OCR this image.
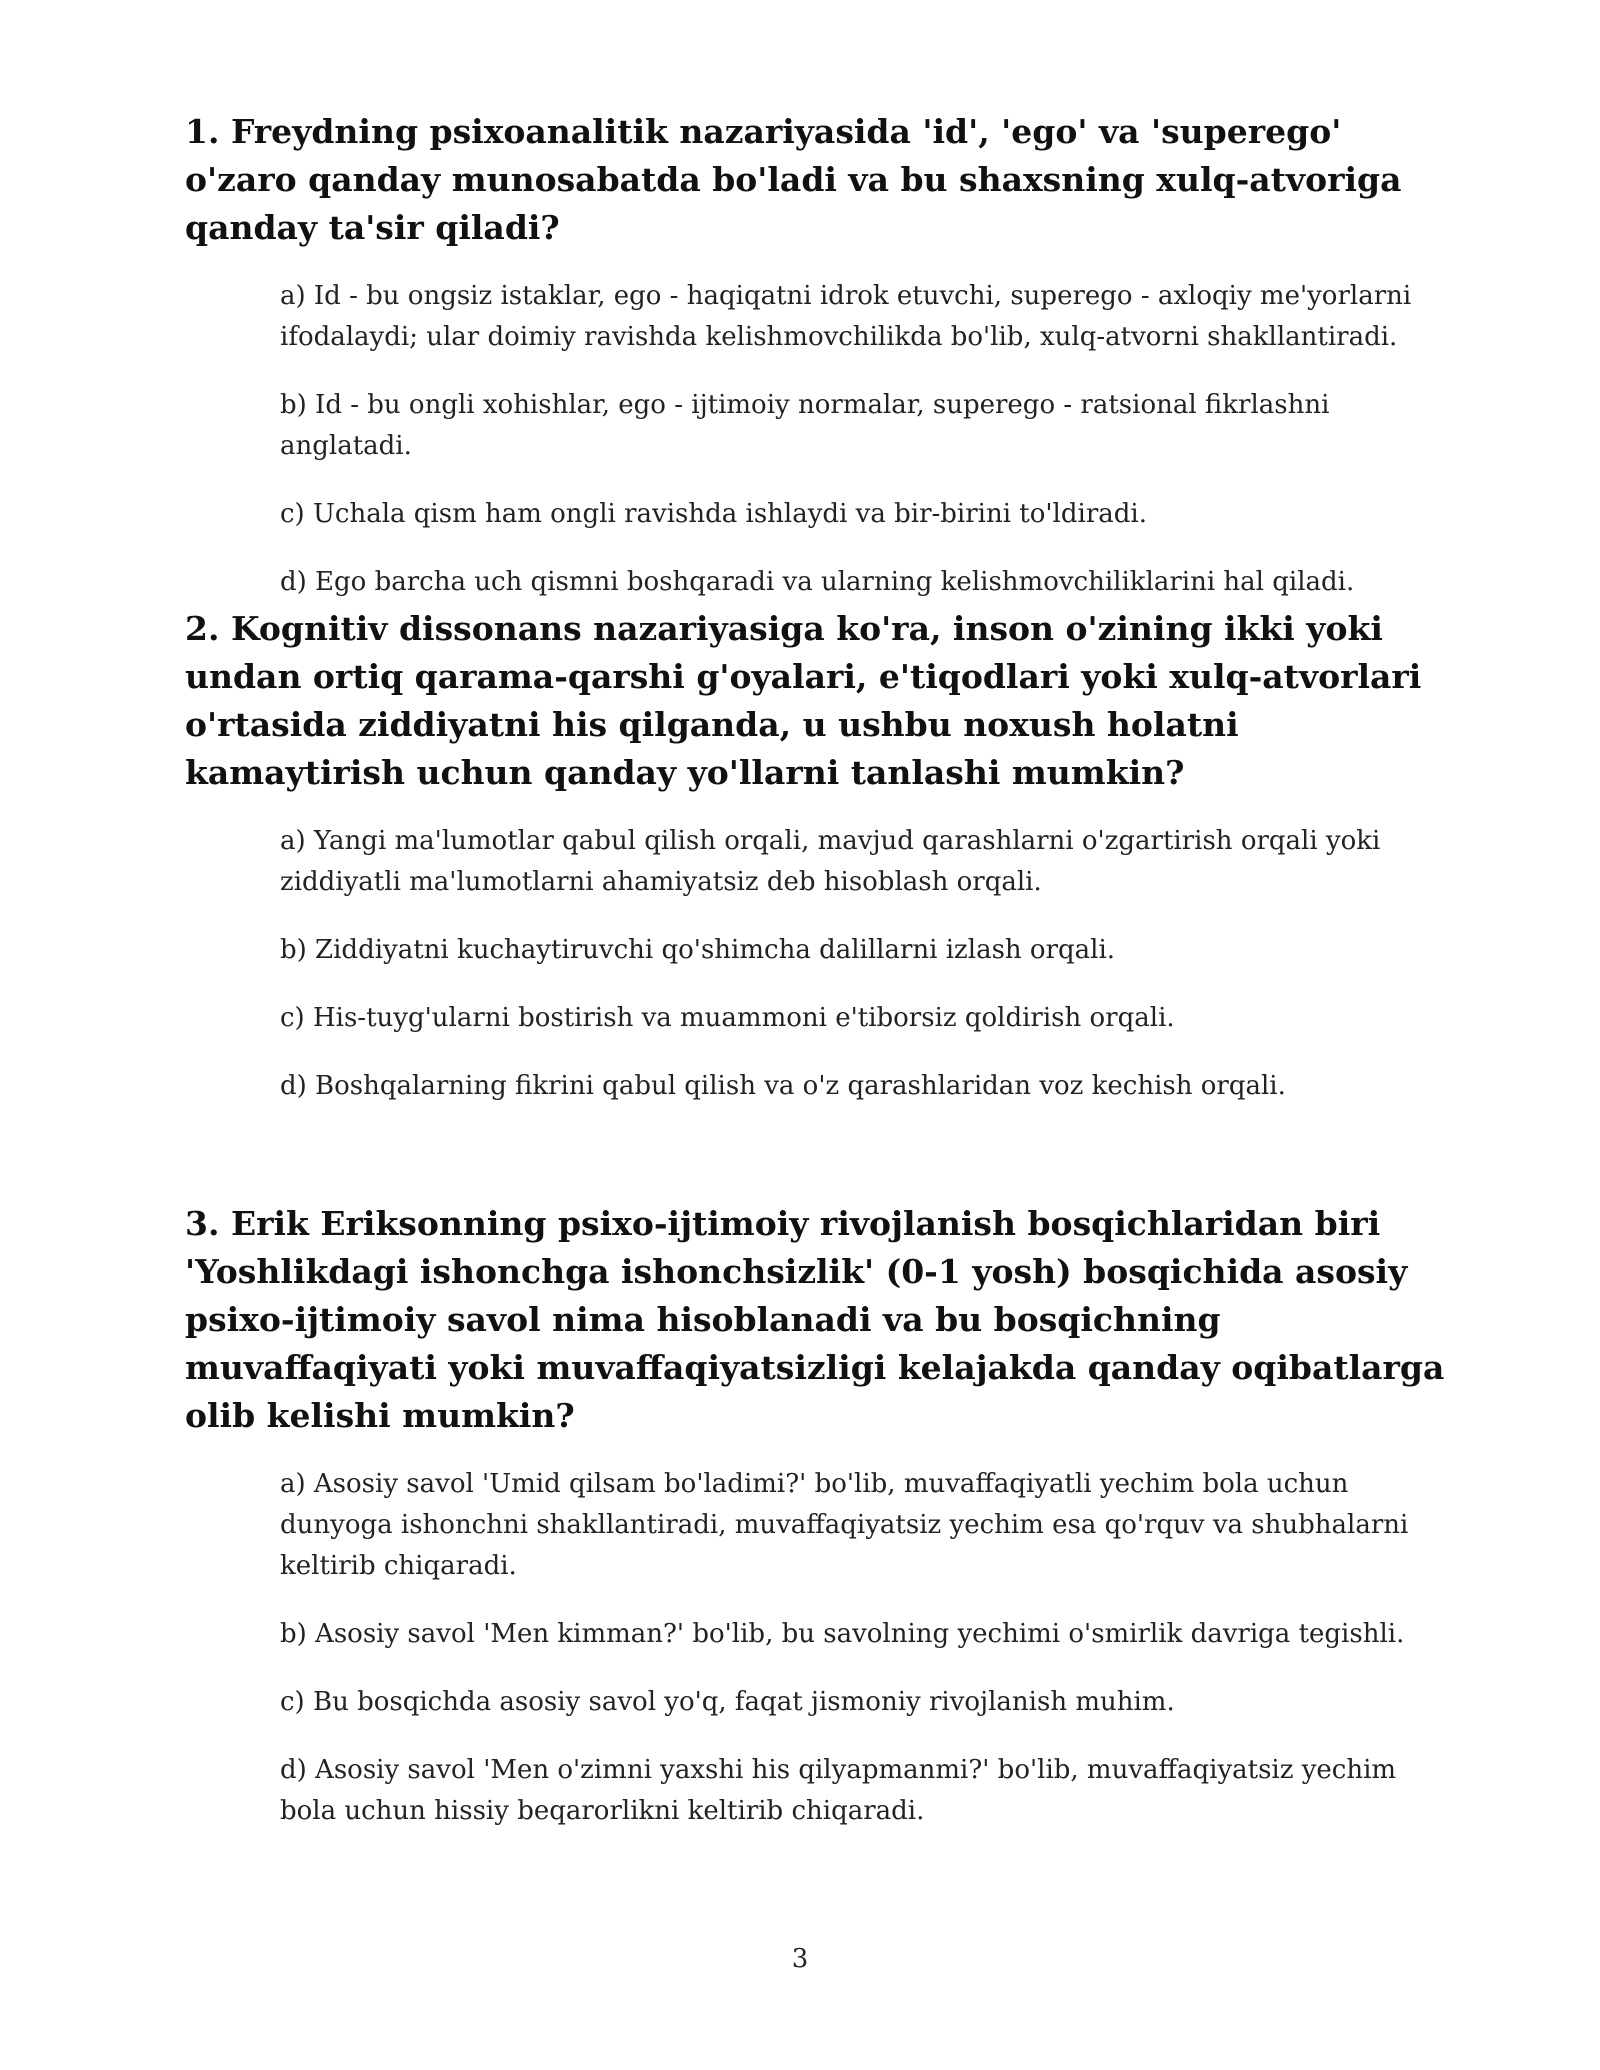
1. Freydning psixoanalitik nazariyasida 'id', 'ego' va 'superego' o'zaro qanday munosabatda bo'ladi va bu shaxsning xulq-atvoriga qanday ta'sir qiladi?

a) Id - bu ongsiz istaklar, ego - haqiqatni idrok etuvchi, superego - axloqiy me'yorlarni ifodalaydi; ular doimiy ravishda kelishmovchilikda bo'lib, xulq-atvorni shakllantiradi.

b) Id - bu ongli xohishlar, ego - ijtimoiy normalar, superego - ratsional fikrlashni anglatadi.

c) Uchala qism ham ongli ravishda ishlaydi va bir-birini to'ldiradi.

d) Ego barcha uch qismni boshqaradi va ularning kelishmovchiliklarini hal qiladi.

2. Kognitiv dissonans nazariyasiga ko'ra, inson o'zining ikki yoki undan ortiq qarama-qarshi g'oyalari, e'tiqodlari yoki xulq-atvorlari o'rtasida ziddiyatni his qilganda, u ushbu noxush holatni kamaytirish uchun qanday yo'llarni tanlashi mumkin?

a) Yangi ma'lumotlar qabul qilish orqali, mavjud qarashlarni o'zgartirish orqali yoki ziddiyatli ma'lumotlarni ahamiyatsiz deb hisoblash orqali.

b) Ziddiyatni kuchaytiruvchi qo'shimcha dalillarni izlash orqali.

c) His-tuyg'ularni bostirish va muammoni e'tiborsiz qoldirish orqali.

d) Boshqalarning fikrini qabul qilish va o'z qarashlaridan voz kechish orqali.

3. Erik Eriksonning psixo-ijtimoiy rivojlanish bosqichlaridan biri 'Yoshlikdagi ishonchga ishonchsizlik' (0-1 yosh) bosqichida asosiy psixo-ijtimoiy savol nima hisoblanadi va bu bosqichning muvaffaqiyati yoki muvaffaqiyatsizligi kelajakda qanday oqibatlarga olib kelishi mumkin?

a) Asosiy savol 'Umid qilsam bo'ladimi?' bo'lib, muvaffaqiyatli yechim bola uchun dunyoga ishonchni shakllantiradi, muvaffaqiyatsiz yechim esa qo'rquv va shubhalarni keltirib chiqaradi.

b) Asosiy savol 'Men kimman?' bo'lib, bu savolning yechimi o'smirlik davriga tegishli.

c) Bu bosqichda asosiy savol yo'q, faqat jismoniy rivojlanish muhim.

d) Asosiy savol 'Men o'zimni yaxshi his qilyapmanmi?' bo'lib, muvaffaqiyatsiz yechim bola uchun hissiy beqarorlikni keltirib chiqaradi.

3
